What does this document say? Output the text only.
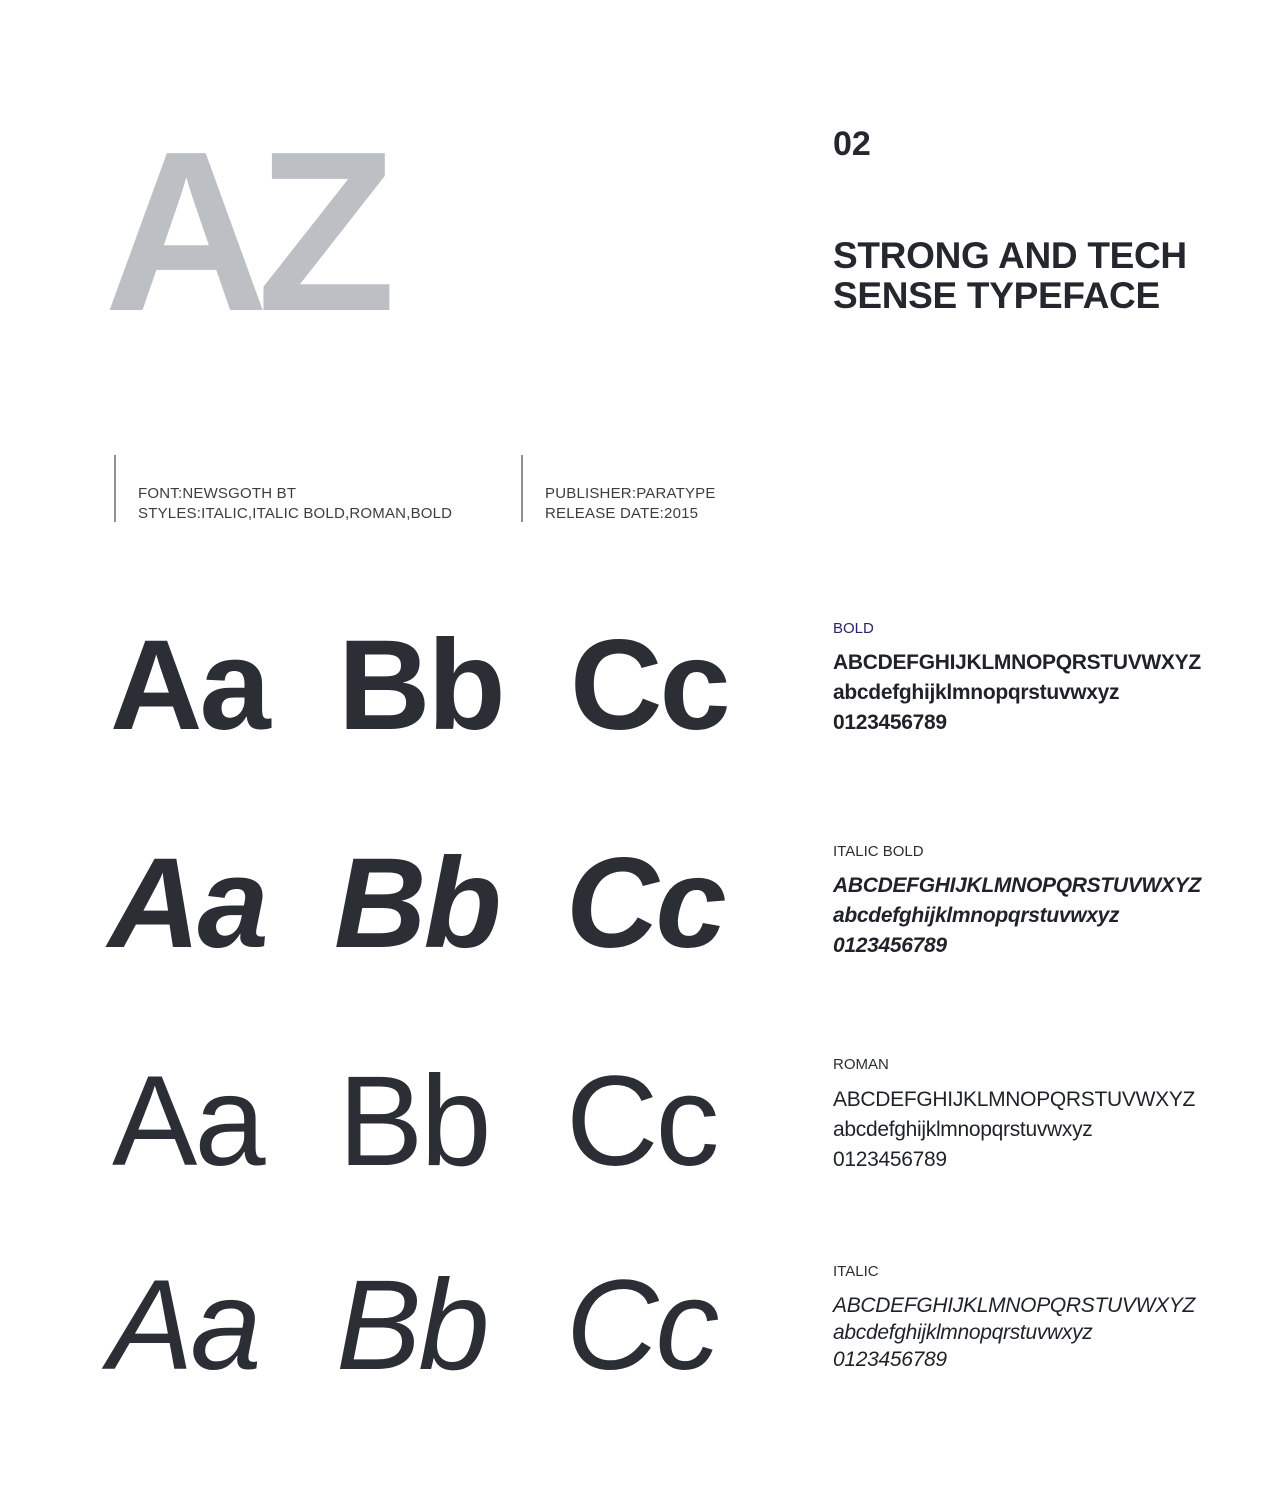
AZ	02
STRONG AND TECH
SENSE TYPEFACE
FONT:NEWSGOTH BT
STYLES:ITALIC,ITALIC BOLD,ROMAN,BOLD
PUBLISHER:PARATYPE
RELEASE DATE:2015
Aa Bb Cc	BOLD
ABCDEFGHIJKLMNOPQRSTUVWXYZ
abcdefghijklmnopqrstuvwxyz
0123456789
Aa Bb Cc	ITALIC BOLD
ABCDEFGHIJKLMNOPQRSTUVWXYZ
abcdefghijklmnopqrstuvwxyz
0123456789
Aa Bb Cc	ROMAN
ABCDEFGHIJKLMNOPQRSTUVWXYZ
abcdefghijklmnopqrstuvwxyz
0123456789
Aa Bb Cc	ITALIC
ABCDEFGHIJKLMNOPQRSTUVWXYZ
abcdefghijklmnopqrstuvwxyz
0123456789
